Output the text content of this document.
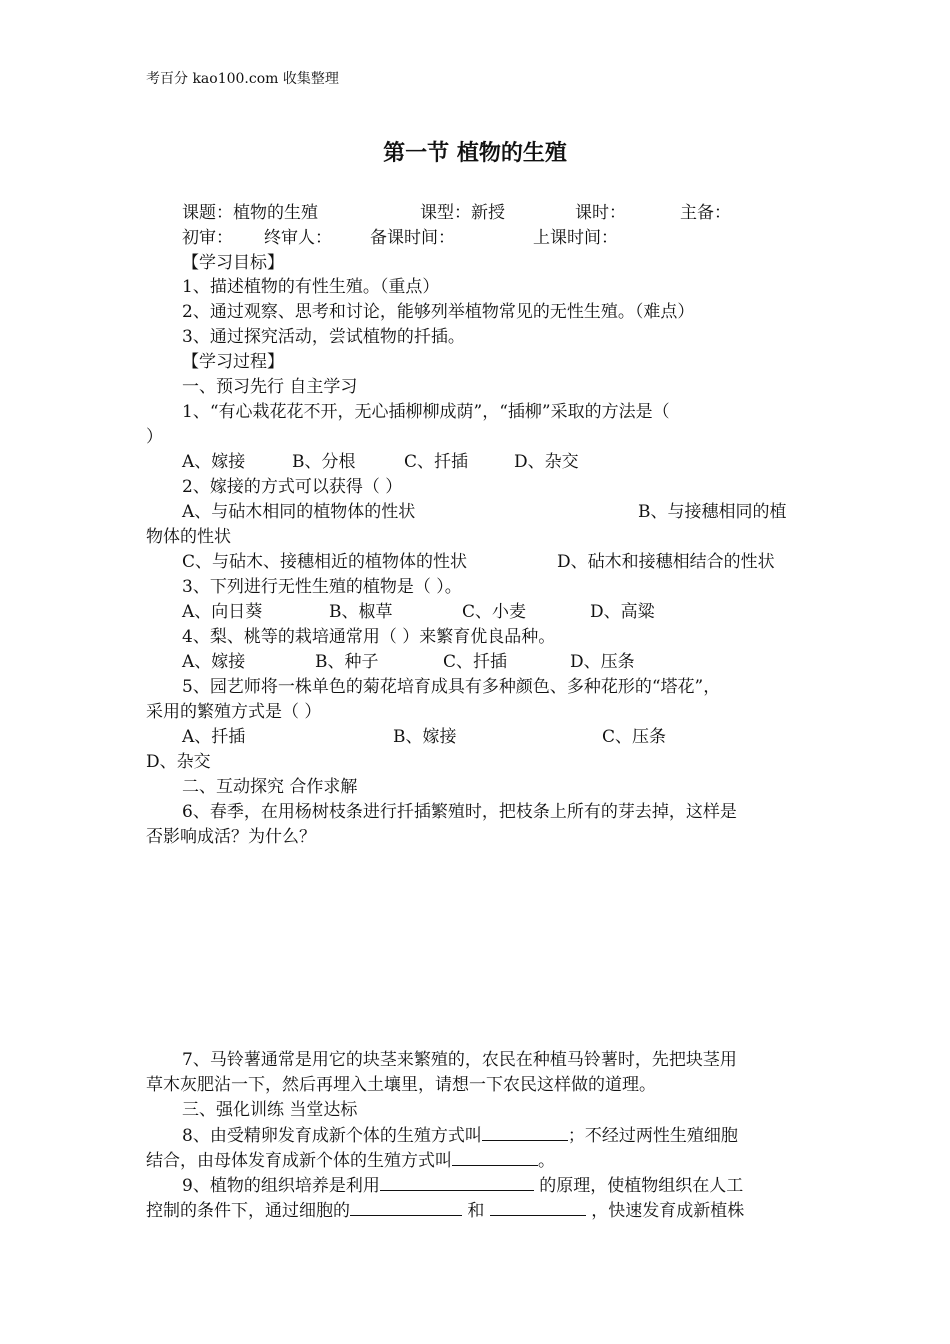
考百分 kao100.com 收集整理
第一节 植物的生殖
课题：植物的生殖	课型：新授	课时：	主备：
初审： 终审人： 备课时间：	上课时间：
【学习目标】
1、描述植物的有性生殖。（重点）
2、通过观察、思考和讨论，能够列举植物常见的无性生殖。（难点）
3、通过探究活动，尝试植物的扦插。
【学习过程】
一、预习先行 自主学习
1、“有心栽花花不开，无心插柳柳成荫”，“插柳”采取的方法是（
）
A、嫁接	B、分根	C、扦插	D、杂交
2、嫁接的方式可以获得（ ）
A、与砧木相同的植物体的性状	B、与接穗相同的植
物体的性状
C、与砧木、接穗相近的植物体的性状	D、砧木和接穗相结合的性状
3、下列进行无性生殖的植物是（ ）。
A、向日葵	B、椒草	C、小麦	D、高粱
4、梨、桃等的栽培通常用（ ）来繁育优良品种。
A、嫁接	B、种子	C、扦插	D、压条
5、园艺师将一株单色的菊花培育成具有多种颜色、多种花形的“塔花”，
采用的繁殖方式是（ ）
A、扦插	B、嫁接	C、压条
D、杂交
二、互动探究 合作求解
6、春季，在用杨树枝条进行扦插繁殖时，把枝条上所有的芽去掉，这样是
否影响成活？为什么？
7、马铃薯通常是用它的块茎来繁殖的，农民在种植马铃薯时，先把块茎用
草木灰肥沾一下，然后再埋入土壤里，请想一下农民这样做的道理。
三、强化训练 当堂达标
8、由受精卵发育成新个体的生殖方式叫	；不经过两性生殖细胞
结合，由母体发育成新个体的生殖方式叫	。
9、植物的组织培养是利用	的原理，使植物组织在人工
控制的条件下，通过细胞的	和	，快速发育成新植株
